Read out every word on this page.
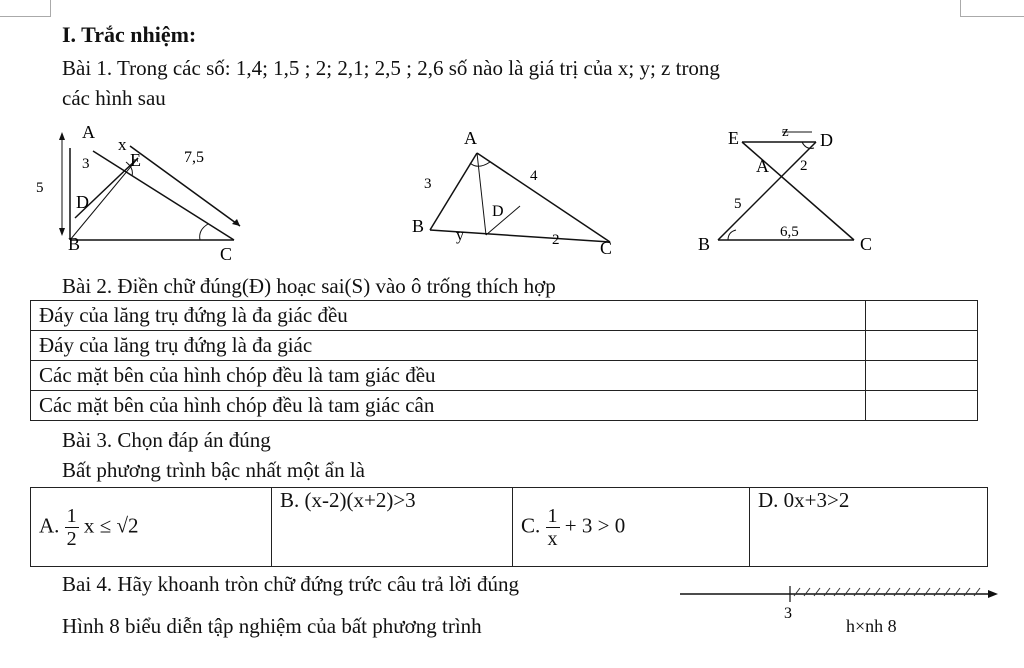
I. Trắc nhiệm:
Bài 1. Trong các số: 1,4; 1,5 ; 2; 2,1; 2,5 ; 2,6 số nào là giá trị của x; y; z trong
các hình sau
A
x
E	7,5
3
5
D
B	C
A
3	4
D
B y	2 C
E	z D
A 2
5
6,5
B	C
Bài 2. Điền chữ đúng(Đ) hoạc sai(S) vào ô trống thích hợp
Đáy của lăng trụ đứng là đa giác đều	
Đáy của lăng trụ đứng là đa giác	
Các mặt bên của hình chóp đều là tam giác đều	
Các mặt bên của hình chóp đều là tam giác cân	
Bài 3. Chọn đáp án đúng
Bất phương trình bậc nhất một ẩn là
A. $\frac{1}{2}$ x ≤ √2	B. (x-2)(x+2)>3	C. $\frac{1}{x} + 3 > 0$	D. 0x+3>2
Bai 4. Hãy khoanh tròn chữ đứng trức câu trả lời đúng
Hình 8 biểu diễn tập nghiệm của bất phương trình
3
h×nh 8
